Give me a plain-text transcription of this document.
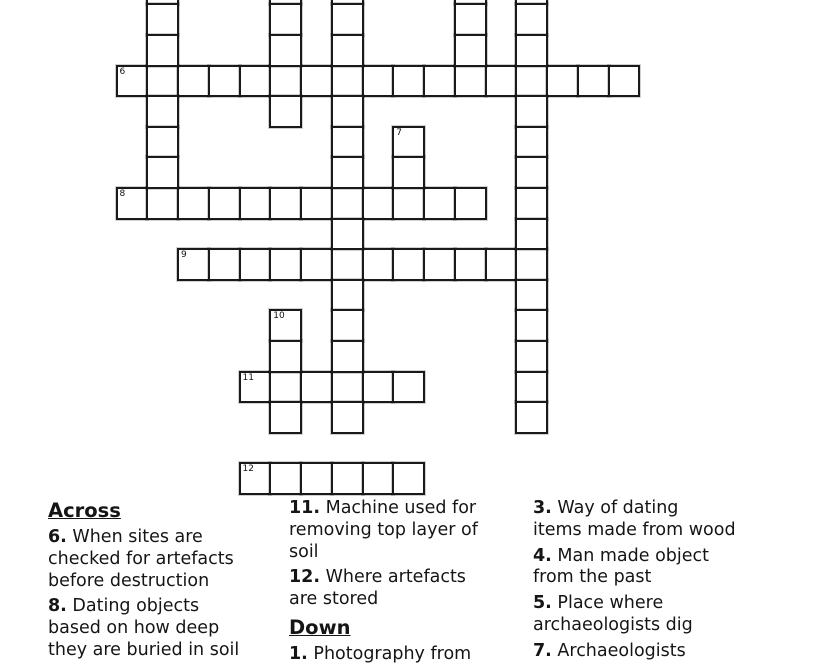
6
8
9
11
12
7
10
Across

6. When sites are
checked for artefacts
before destruction

8. Dating objects
based on how deep
they are buried in soil

11. Machine used for
removing top layer of
soil

12. Where artefacts
are stored

Down

1. Photography from

3. Way of dating
items made from wood

4. Man made object
from the past

5. Place where
archaeologists dig

7. Archaeologists
